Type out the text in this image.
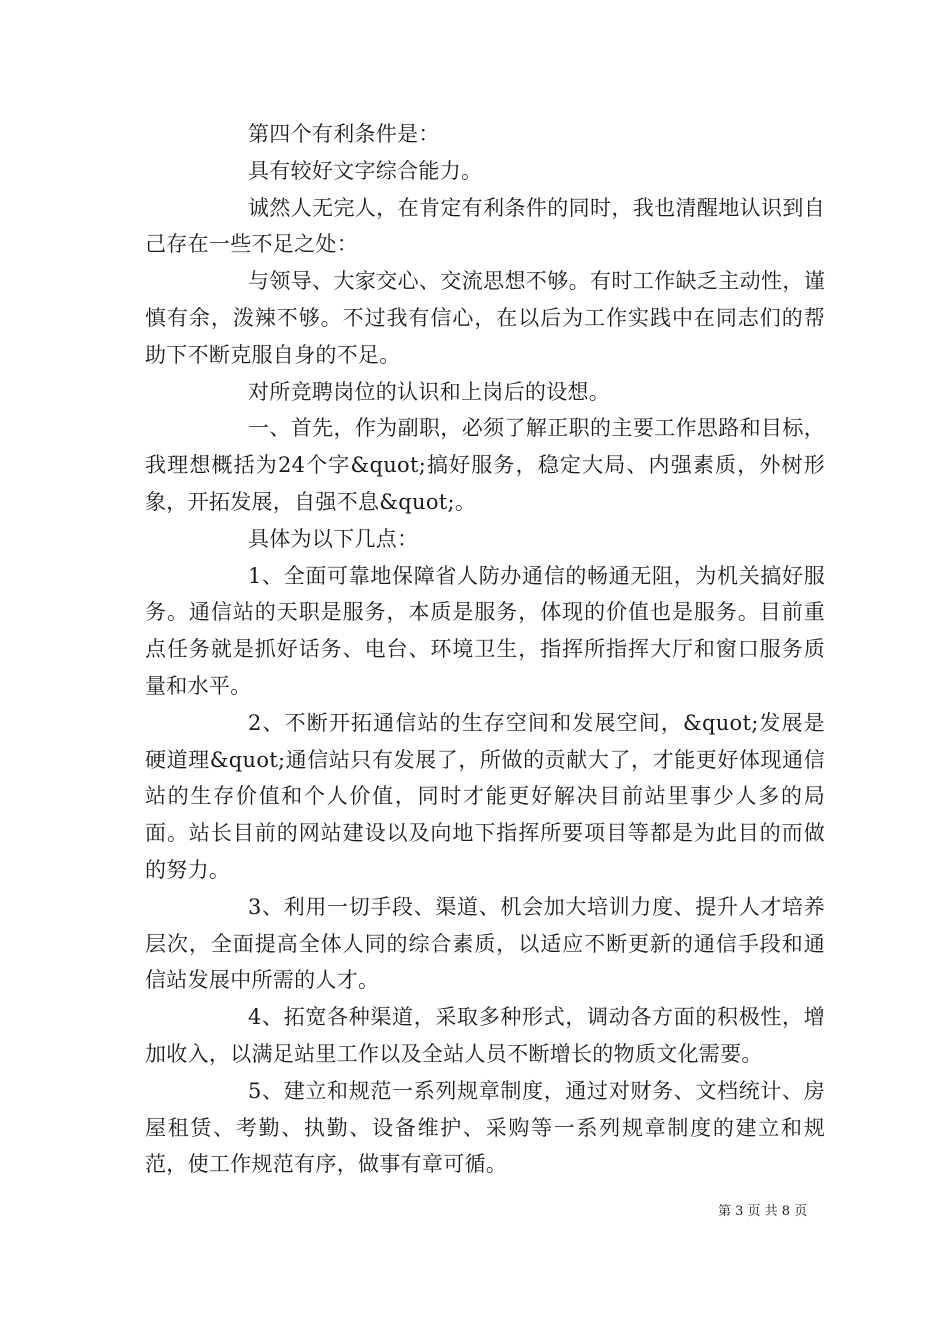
第四个有利条件是：

具有较好文字综合能力。

诚然人无完人，在肯定有利条件的同时，我也清醒地认识到自己存在一些不足之处：

与领导、大家交心、交流思想不够。有时工作缺乏主动性，谨慎有余，泼辣不够。不过我有信心，在以后为工作实践中在同志们的帮助下不断克服自身的不足。

对所竞聘岗位的认识和上岗后的设想。

一、首先，作为副职，必须了解正职的主要工作思路和目标，我理想概括为24个字&quot;搞好服务，稳定大局、内强素质，外树形象，开拓发展，自强不息&quot;。

具体为以下几点：

1、全面可靠地保障省人防办通信的畅通无阻，为机关搞好服务。通信站的天职是服务，本质是服务，体现的价值也是服务。目前重点任务就是抓好话务、电台、环境卫生，指挥所指挥大厅和窗口服务质量和水平。

2、不断开拓通信站的生存空间和发展空间，&quot;发展是硬道理&quot;通信站只有发展了，所做的贡献大了，才能更好体现通信站的生存价值和个人价值，同时才能更好解决目前站里事少人多的局面。站长目前的网站建设以及向地下指挥所要项目等都是为此目的而做的努力。

3、利用一切手段、渠道、机会加大培训力度、提升人才培养层次，全面提高全体人同的综合素质，以适应不断更新的通信手段和通信站发展中所需的人才。

4、拓宽各种渠道，采取多种形式，调动各方面的积极性，增加收入，以满足站里工作以及全站人员不断增长的物质文化需要。

5、建立和规范一系列规章制度，通过对财务、文档统计、房屋租赁、考勤、执勤、设备维护、采购等一系列规章制度的建立和规范，使工作规范有序，做事有章可循。

第 3 页 共 8 页
